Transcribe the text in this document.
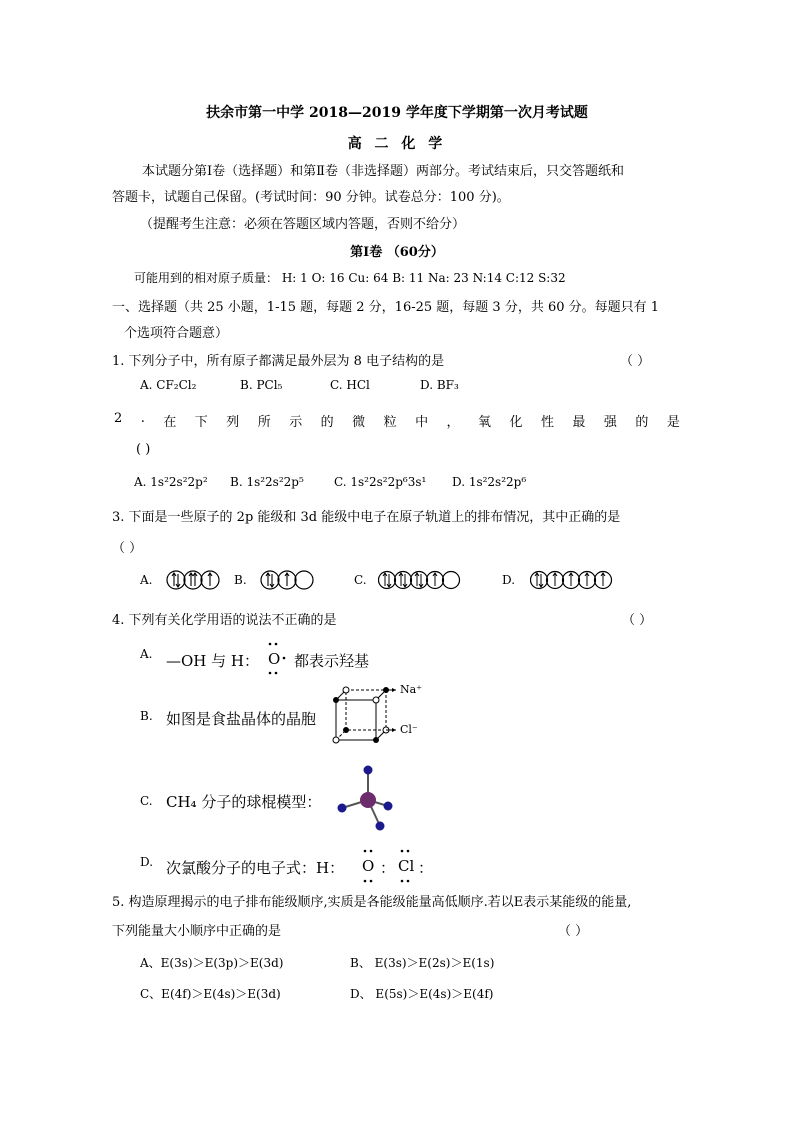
扶余市第一中学 2018—2019 学年度下学期第一次月考试题
高 二 化 学
本试题分第Ⅰ卷（选择题）和第Ⅱ卷（非选择题）两部分。考试结束后，只交答题纸和
答题卡，试题自己保留。(考试时间：90 分钟。试卷总分：100 分)。
（提醒考生注意：必须在答题区域内答题，否则不给分）
第Ⅰ卷 （60分）
可能用到的相对原子质量： H: 1 O: 16 Cu: 64 B: 11 Na: 23 N:14 C:12 S:32
一、选择题（共 25 小题，1-15 题，每题 2 分，16-25 题，每题 3 分，共 60 分。每题只有 1
个选项符合题意）
1. 下列分子中，所有原子都满足最外层为 8 电子结构的是	（ ）
A. CF₂Cl₂	B. PCl₅	C. HCl	D. BF₃
2 . 在 下 列 所 示 的 微 粒 中 ， 氧 化 性 最 强 的 是
( )
A. 1s²2s²2p² B. 1s²2s²2p⁵	C. 1s²2s²2p⁶3s¹ D. 1s²2s²2p⁶
3. 下面是一些原子的 2p 能级和 3d 能级中电子在原子轨道上的排布情况，其中正确的是
（ ）
A.	B.	C.	D.
4. 下列有关化学用语的说法不正确的是	（ ）
A. —OH 与 H： O 都表示羟基
B. 如图是食盐晶体的晶胞
Na⁺
Cl⁻
C. CH₄ 分子的球棍模型：
D. 次氯酸分子的电子式：H： O ： Cl ：
5. 构造原理揭示的电子排布能级顺序,实质是各能级能量高低顺序.若以E表示某能级的能量,
下列能量大小顺序中正确的是	（ ）
A、E(3s)＞E(3p)＞E(3d)	B、 E(3s)＞E(2s)＞E(1s)
C、E(4f)＞E(4s)＞E(3d)	D、 E(5s)＞E(4s)＞E(4f)
